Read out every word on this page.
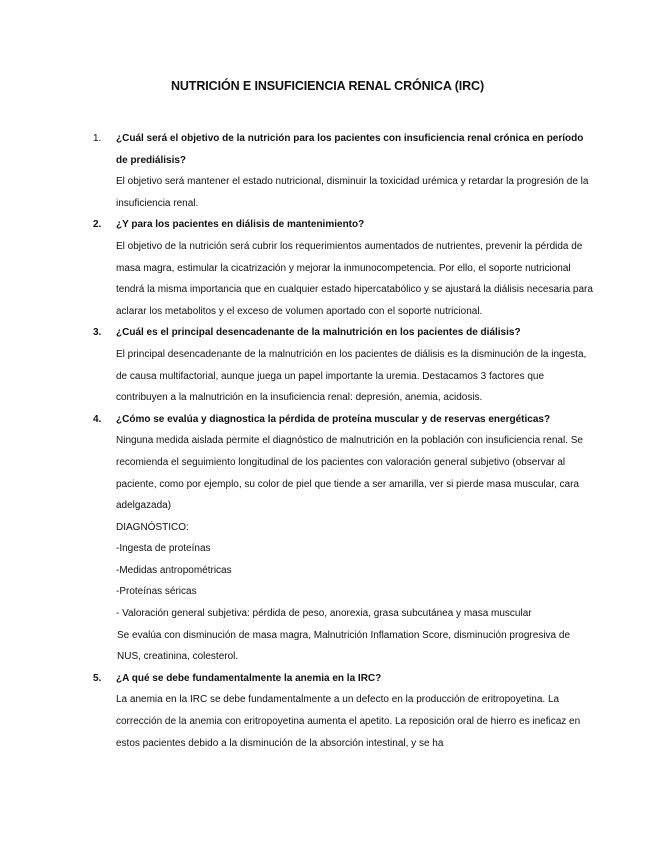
NUTRICIÓN E INSUFICIENCIA RENAL CRÓNICA (IRC)
1. ¿Cuál será el objetivo de la nutrición para los pacientes con insuficiencia renal crónica en período de prediálisis?
El objetivo será mantener el estado nutricional, disminuir la toxicidad urémica y retardar la progresión de la insuficiencia renal.
2. ¿Y para los pacientes en diálisis de mantenimiento?
El objetivo de la nutrición será cubrir los requerimientos aumentados de nutrientes, prevenir la pérdida de masa magra, estimular la cicatrización y mejorar la inmunocompetencia. Por ello, el soporte nutricional tendrá la misma importancia que en cualquier estado hipercatabólico y se ajustará la diálisis necesaria para aclarar los metabolitos y el exceso de volumen aportado con el soporte nutricional.
3. ¿Cuál es el principal desencadenante de la malnutrición en los pacientes de diálisis?
El principal desencadenante de la malnutrición en los pacientes de diálisis es la disminución de la ingesta, de causa multifactorial, aunque juega un papel importante la uremia. Destacamos 3 factores que contribuyen a la malnutrición en la insuficiencia renal: depresión, anemia, acidosis.
4. ¿Cómo se evalúa y diagnostica la pérdida de proteína muscular y de reservas energéticas?
Ninguna medida aislada permite el diagnóstico de malnutrición en la población con insuficiencia renal. Se recomienda el seguimiento longitudinal de los pacientes con valoración general subjetivo (observar al paciente, como por ejemplo, su color de piel que tiende a ser amarilla, ver si pierde masa muscular, cara adelgazada)
DIAGNÓSTICO:
-Ingesta de proteínas
-Medidas antropométricas
-Proteínas séricas
- Valoración general subjetiva: pérdida de peso, anorexia, grasa subcutánea y masa muscular
Se evalúa con disminución de masa magra, Malnutrición Inflamation Score, disminución progresiva de NUS, creatinina, colesterol.
5. ¿A qué se debe fundamentalmente la anemia en la IRC?
La anemia en la IRC se debe fundamentalmente a un defecto en la producción de eritropoyetina. La corrección de la anemia con eritropoyetina aumenta el apetito. La reposición oral de hierro es ineficaz en estos pacientes debido a la disminución de la absorción intestinal, y se ha
